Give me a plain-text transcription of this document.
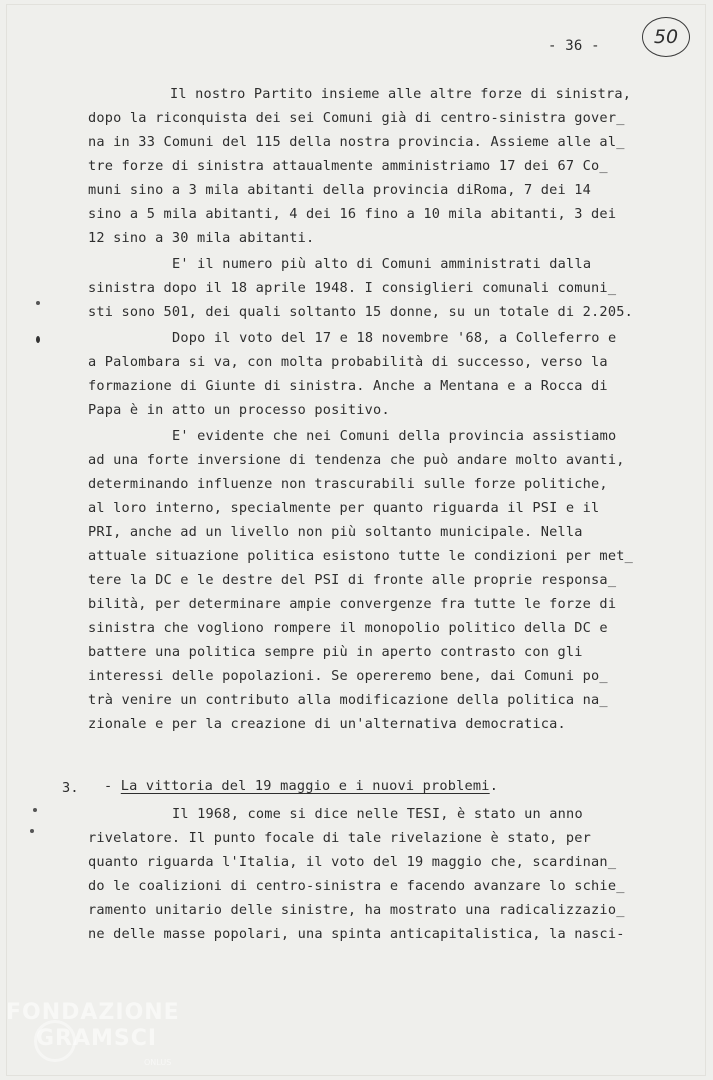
- 36 -	50
Il nostro Partito insieme alle altre forze di sinistra,
dopo la riconquista dei sei Comuni già di centro-sinistra gover_
na in 33 Comuni del 115 della nostra provincia. Assieme alle al_
tre forze di sinistra attaualmente amministriamo 17 dei 67 Co_
muni sino a 3 mila abitanti della provincia diRoma, 7 dei 14
sino a 5 mila abitanti, 4 dei 16 fino a 10 mila abitanti, 3 dei
12 sino a 30 mila abitanti.
E' il numero più alto di Comuni amministrati dalla
sinistra dopo il 18 aprile 1948. I consiglieri comunali comuni_
sti sono 501, dei quali soltanto 15 donne, su un totale di 2.205.
Dopo il voto del 17 e 18 novembre '68, a Colleferro e
a Palombara si va, con molta probabilità di successo, verso la
formazione di Giunte di sinistra. Anche a Mentana e a Rocca di
Papa è in atto un processo positivo.
E' evidente che nei Comuni della provincia assistiamo
ad una forte inversione di tendenza che può andare molto avanti,
determinando influenze non trascurabili sulle forze politiche,
al loro interno, specialmente per quanto riguarda il PSI e il
PRI, anche ad un livello non più soltanto municipale. Nella
attuale situazione politica esistono tutte le condizioni per met_
tere la DC e le destre del PSI di fronte alle proprie responsa_
bilità, per determinare ampie convergenze fra tutte le forze di
sinistra che vogliono rompere il monopolio politico della DC e
battere una politica sempre più in aperto contrasto con gli
interessi delle popolazioni. Se opereremo bene, dai Comuni po_
trà venire un contributo alla modificazione della politica na_
zionale e per la creazione di un'alternativa democratica.
Il 1968, come si dice nelle TESI, è stato un anno
rivelatore. Il punto focale di tale rivelazione è stato, per
quanto riguarda l'Italia, il voto del 19 maggio che, scardinan_
do le coalizioni di centro-sinistra e facendo avanzare lo schie_
ramento unitario delle sinistre, ha mostrato una radicalizzazio_
ne delle masse popolari, una spinta anticapitalistica, la nasci-
3. - La vittoria del 19 maggio e i nuovi problemi.
FONDAZIONE
GRAMSCI
ONLUS
